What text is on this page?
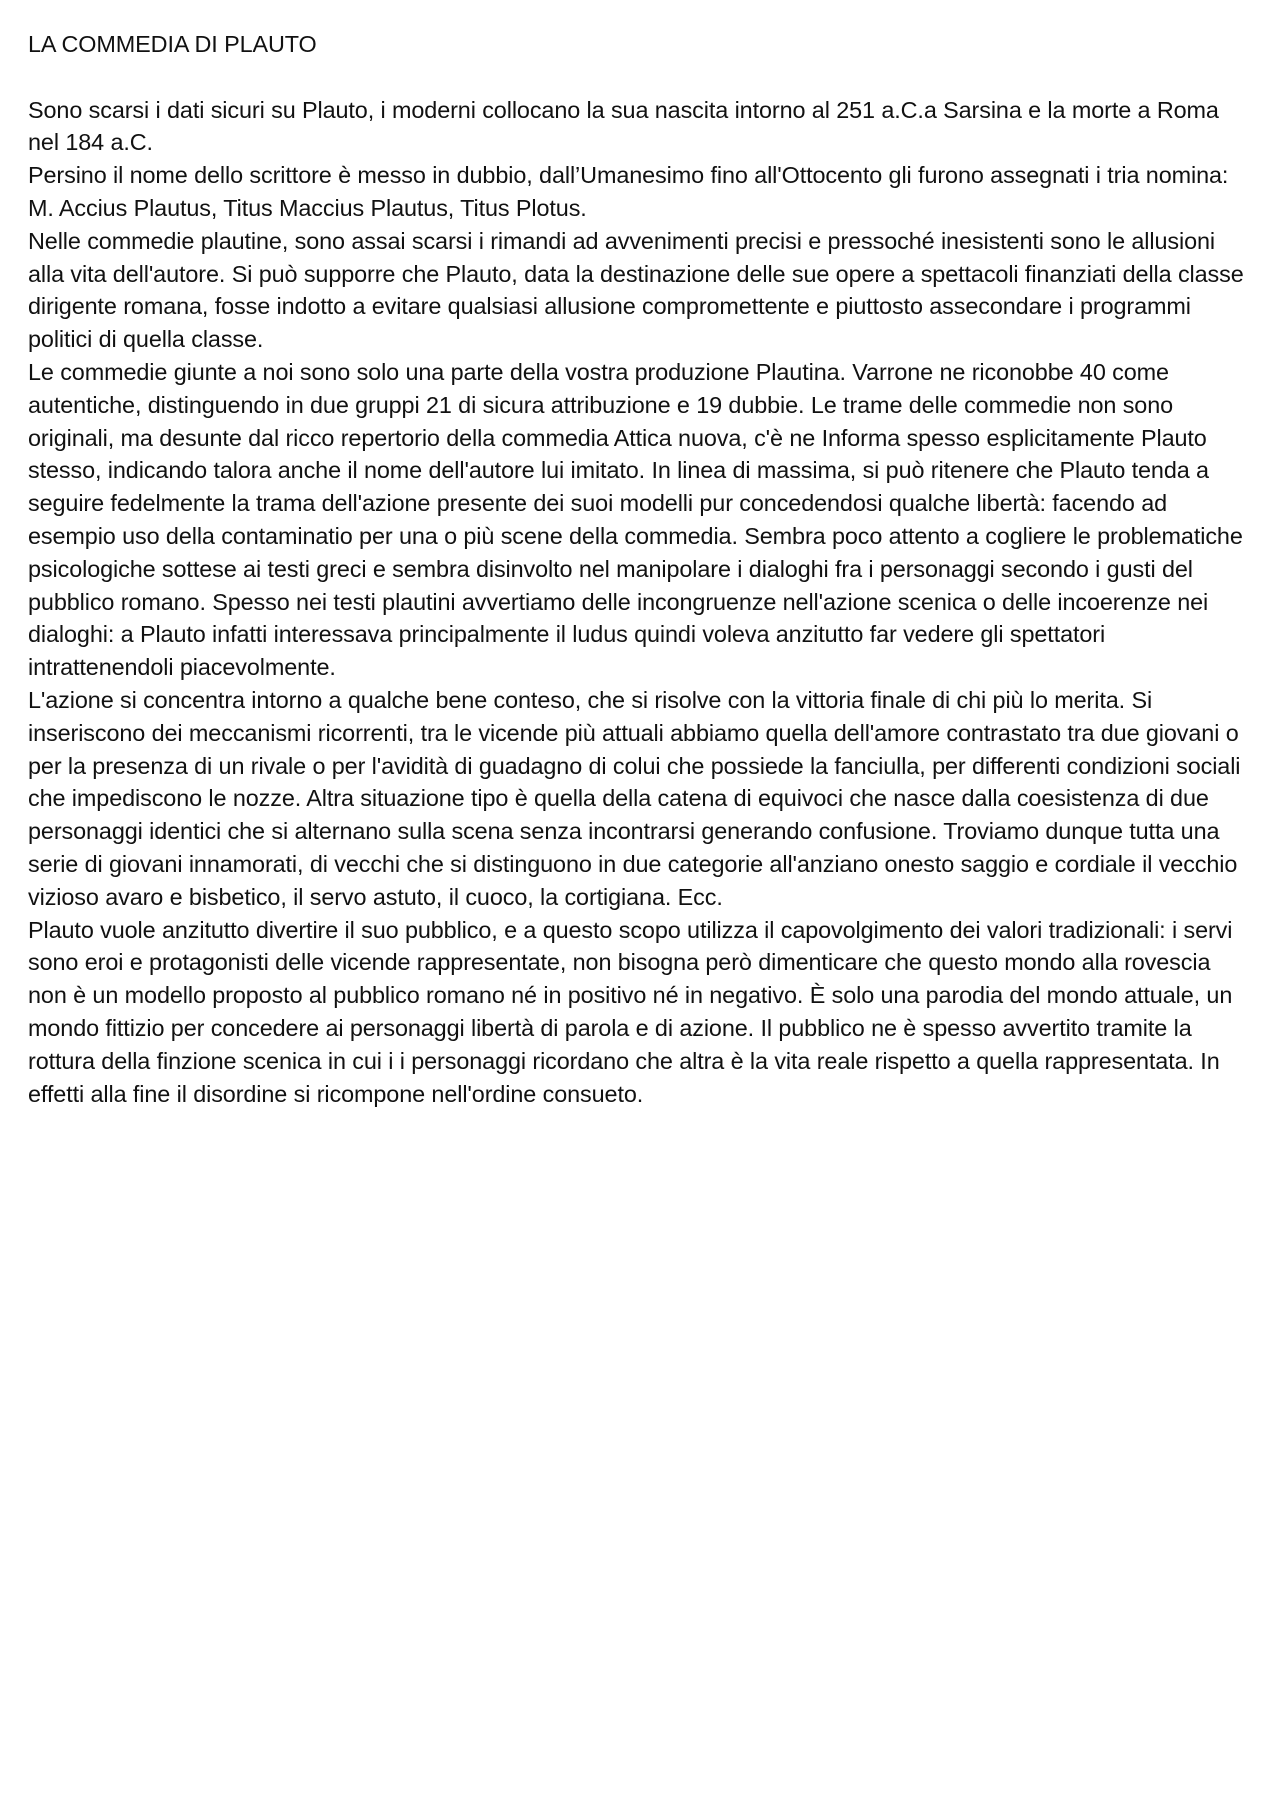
LA COMMEDIA DI PLAUTO

Sono scarsi i dati sicuri su Plauto, i moderni collocano la sua nascita intorno al 251 a.C.a Sarsina e la morte a Roma nel 184 a.C.

Persino il nome dello scrittore è messo in dubbio, dall’Umanesimo fino all'Ottocento gli furono assegnati i tria nomina: M. Accius Plautus, Titus Maccius Plautus, Titus Plotus.

Nelle commedie plautine, sono assai scarsi i rimandi ad avvenimenti precisi e pressoché inesistenti sono le allusioni alla vita dell'autore. Si può supporre che Plauto, data la destinazione delle sue opere a spettacoli finanziati della classe dirigente romana, fosse indotto a evitare qualsiasi allusione compromettente e piuttosto assecondare i programmi politici di quella classe.

Le commedie giunte a noi sono solo una parte della vostra produzione Plautina. Varrone ne riconobbe 40 come autentiche, distinguendo in due gruppi 21 di sicura attribuzione e 19 dubbie. Le trame delle commedie non sono originali, ma desunte dal ricco repertorio della commedia Attica nuova, c'è ne Informa spesso esplicitamente Plauto stesso, indicando talora anche il nome dell'autore lui imitato. In linea di massima, si può ritenere che Plauto tenda a seguire fedelmente la trama dell'azione presente dei suoi modelli pur concedendosi qualche libertà: facendo ad esempio uso della contaminatio per una o più scene della commedia. Sembra poco attento a cogliere le problematiche psicologiche sottese ai testi greci e sembra disinvolto nel manipolare i dialoghi fra i personaggi secondo i gusti del pubblico romano. Spesso nei testi plautini avvertiamo delle incongruenze nell'azione scenica o delle incoerenze nei dialoghi: a Plauto infatti interessava principalmente il ludus quindi voleva anzitutto far vedere gli spettatori intrattenendoli piacevolmente.

L'azione si concentra intorno a qualche bene conteso, che si risolve con la vittoria finale di chi più lo merita. Si inseriscono dei meccanismi ricorrenti, tra le vicende più attuali abbiamo quella dell'amore contrastato tra due giovani o per la presenza di un rivale o per l'avidità di guadagno di colui che possiede la fanciulla, per differenti condizioni sociali che impediscono le nozze. Altra situazione tipo è quella della catena di equivoci che nasce dalla coesistenza di due personaggi identici che si alternano sulla scena senza incontrarsi generando confusione. Troviamo dunque tutta una serie di giovani innamorati, di vecchi che si distinguono in due categorie all'anziano onesto saggio e cordiale il vecchio vizioso avaro e bisbetico, il servo astuto, il cuoco, la cortigiana. Ecc.

Plauto vuole anzitutto divertire il suo pubblico, e a questo scopo utilizza il capovolgimento dei valori tradizionali: i servi sono eroi e protagonisti delle vicende rappresentate, non bisogna però dimenticare che questo mondo alla rovescia non è un modello proposto al pubblico romano né in positivo né in negativo. È solo una parodia del mondo attuale, un mondo fittizio per concedere ai personaggi libertà di parola e di azione. Il pubblico ne è spesso avvertito tramite la rottura della finzione scenica in cui i i personaggi ricordano che altra è la vita reale rispetto a quella rappresentata. In effetti alla fine il disordine si ricompone nell'ordine consueto.
